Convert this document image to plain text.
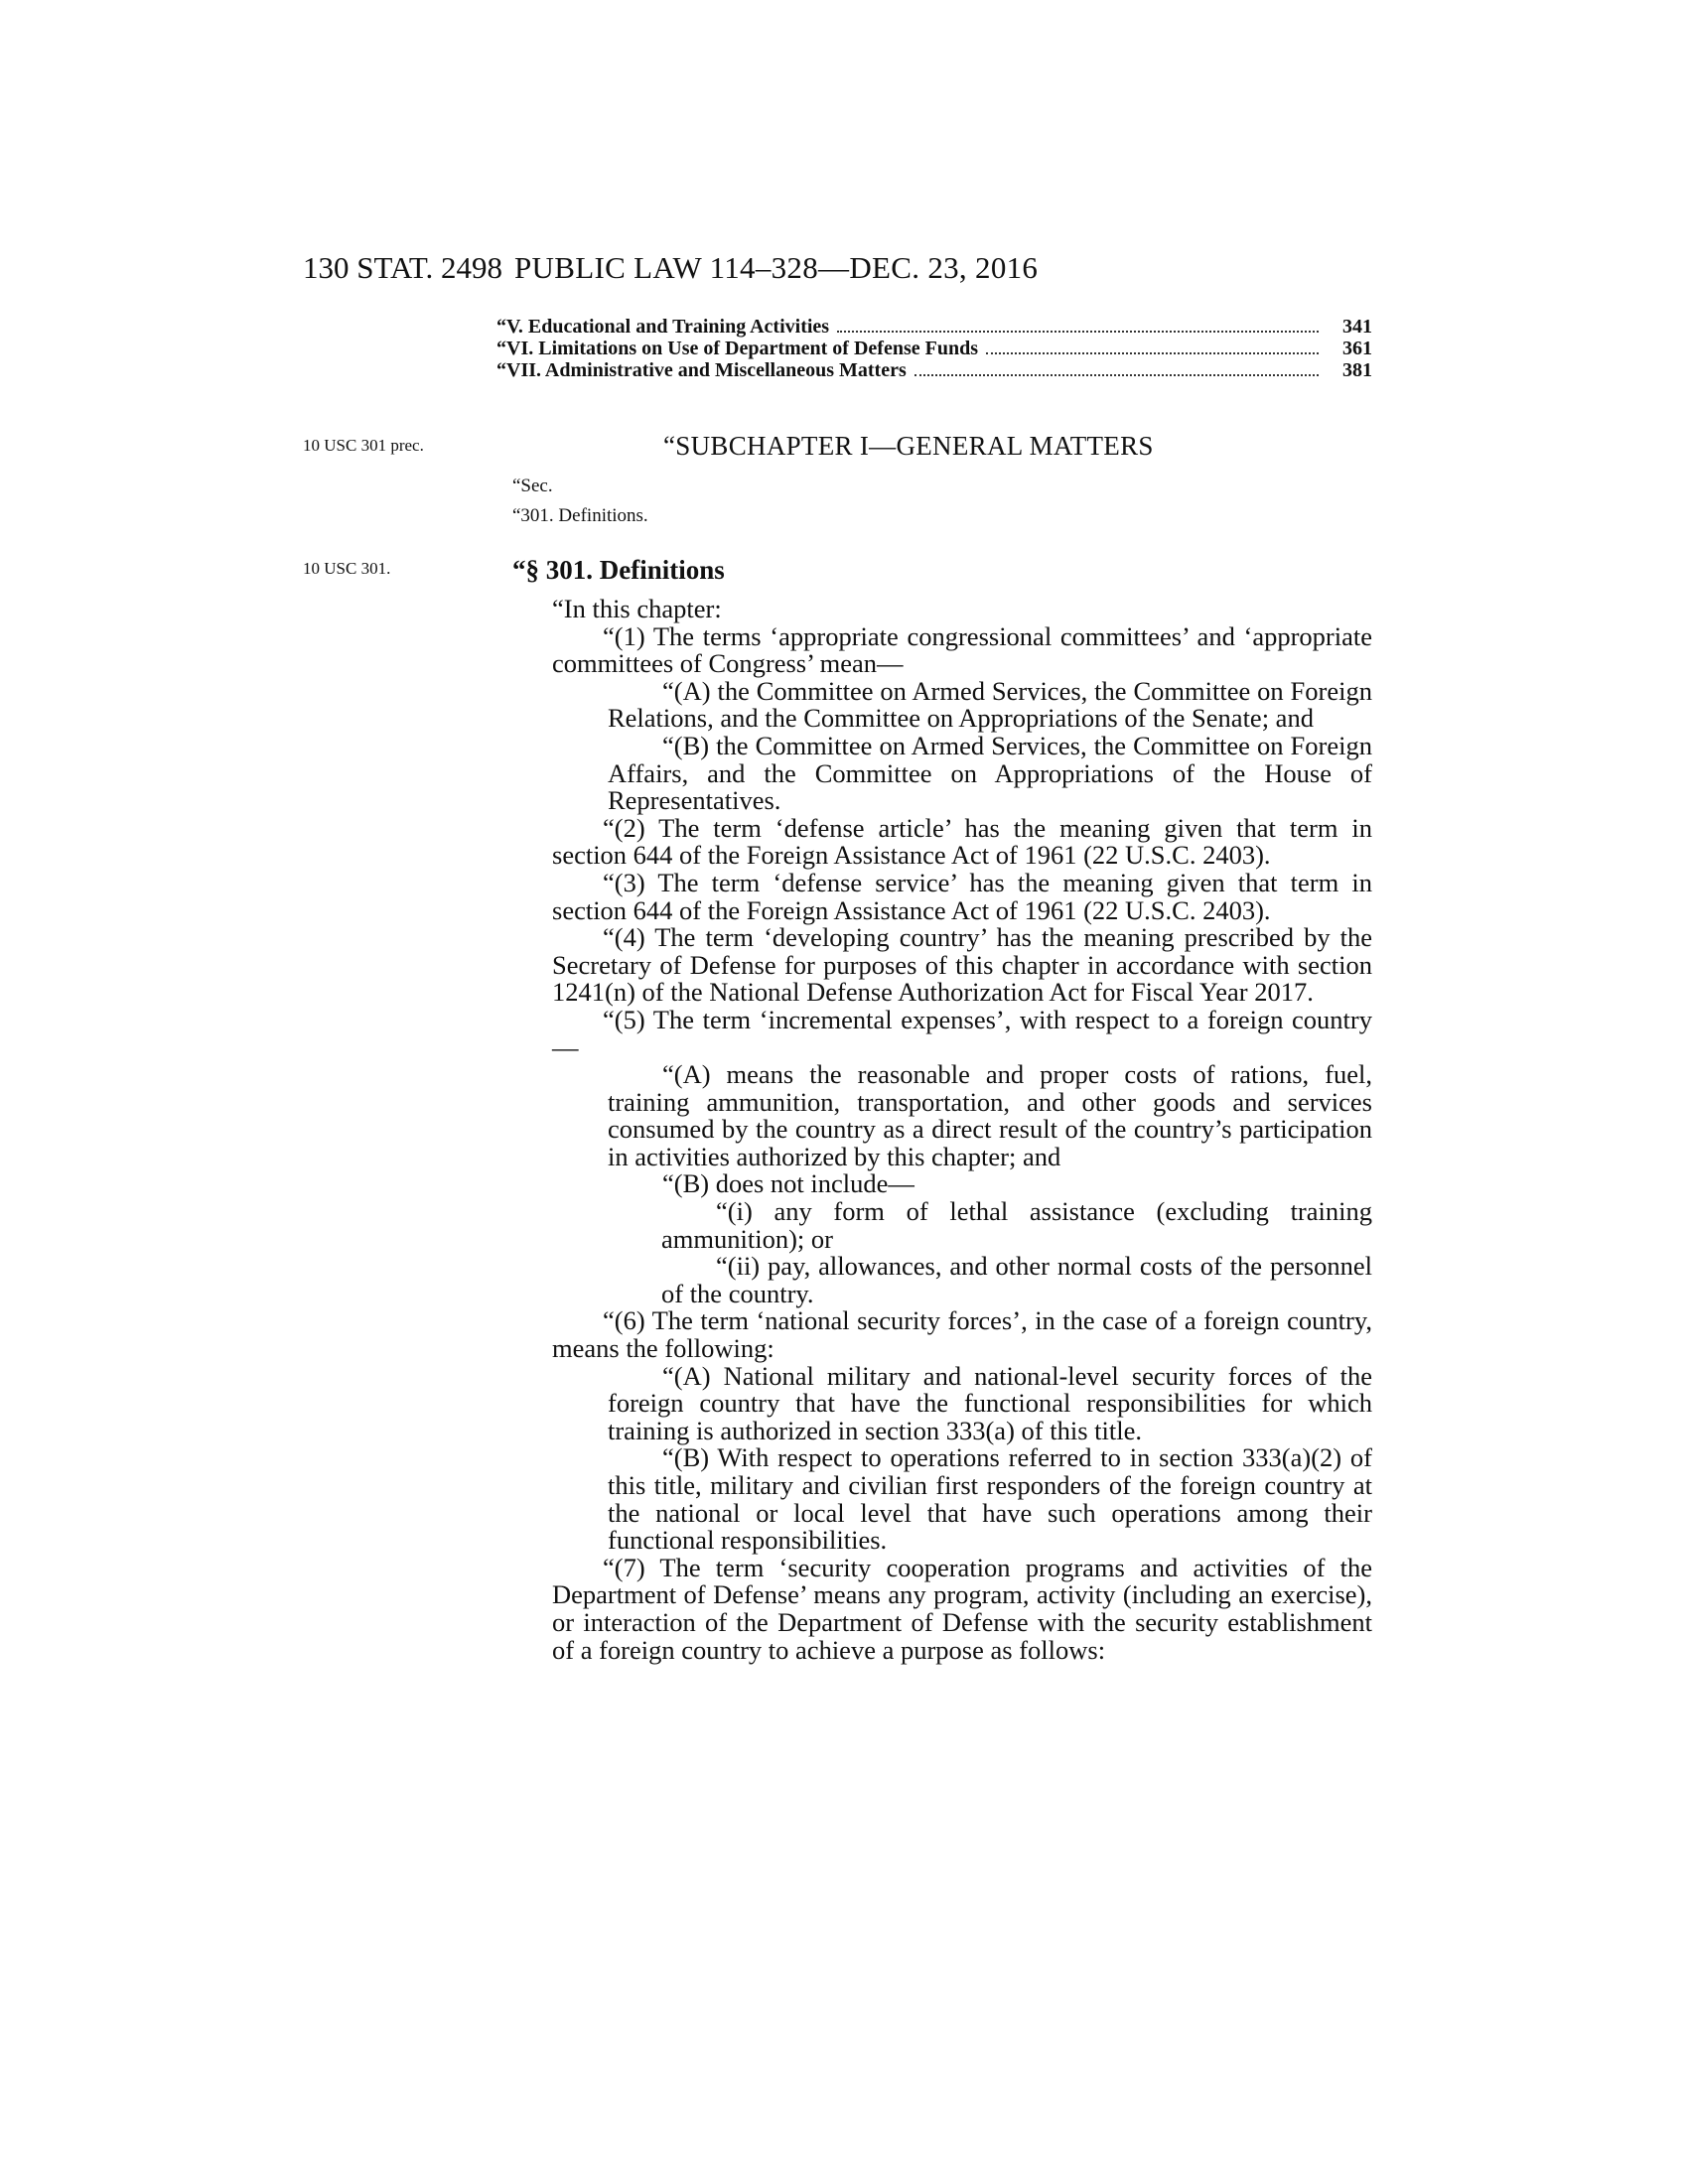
130 STAT. 2498 PUBLIC LAW 114–328—DEC. 23, 2016
“V. Educational and Training Activities	341
“VI. Limitations on Use of Department of Defense Funds	361
“VII. Administrative and Miscellaneous Matters	381
10 USC 301 prec.	“SUBCHAPTER I—GENERAL MATTERS
“Sec.
“301. Definitions.
10 USC 301.	“§ 301. Definitions

“In this chapter:

“(1) The terms ‘appropriate congressional committees’ and ‘appropriate committees of Congress’ mean—

“(A) the Committee on Armed Services, the Committee on Foreign Relations, and the Committee on Appropriations of the Senate; and

“(B) the Committee on Armed Services, the Committee on Foreign Affairs, and the Committee on Appropriations of the House of Representatives.

“(2) The term ‘defense article’ has the meaning given that term in section 644 of the Foreign Assistance Act of 1961 (22 U.S.C. 2403).

“(3) The term ‘defense service’ has the meaning given that term in section 644 of the Foreign Assistance Act of 1961 (22 U.S.C. 2403).

“(4) The term ‘developing country’ has the meaning prescribed by the Secretary of Defense for purposes of this chapter in accordance with section 1241(n) of the National Defense Authorization Act for Fiscal Year 2017.

“(5) The term ‘incremental expenses’, with respect to a foreign country—

“(A) means the reasonable and proper costs of rations, fuel, training ammunition, transportation, and other goods and services consumed by the country as a direct result of the country’s participation in activities authorized by this chapter; and

“(B) does not include—

“(i) any form of lethal assistance (excluding training ammunition); or

“(ii) pay, allowances, and other normal costs of the personnel of the country.

“(6) The term ‘national security forces’, in the case of a foreign country, means the following:

“(A) National military and national-level security forces of the foreign country that have the functional responsibilities for which training is authorized in section 333(a) of this title.

“(B) With respect to operations referred to in section 333(a)(2) of this title, military and civilian first responders of the foreign country at the national or local level that have such operations among their functional responsibilities.

“(7) The term ‘security cooperation programs and activities of the Department of Defense’ means any program, activity (including an exercise), or interaction of the Department of Defense with the security establishment of a foreign country to achieve a purpose as follows:
